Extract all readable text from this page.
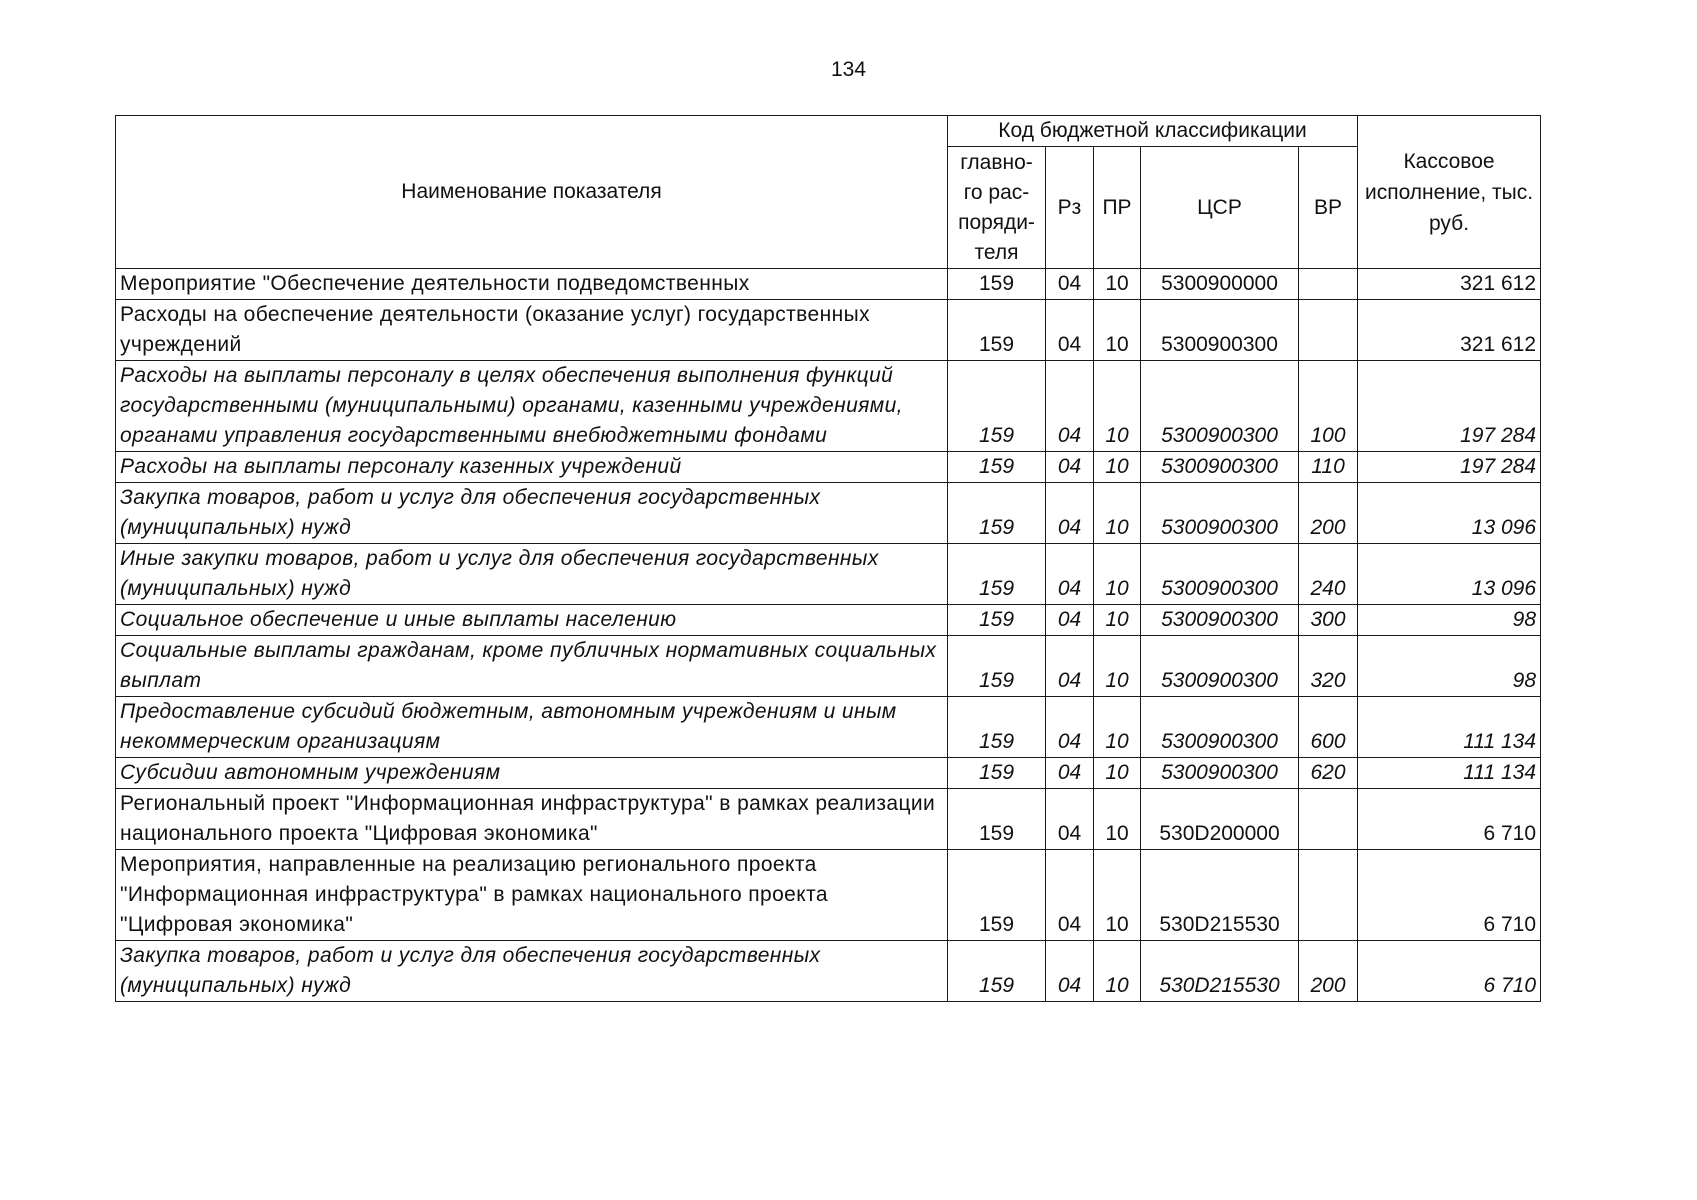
134
Наименование показателя	Код бюджетной классификации					Кассовое исполнение, тыс. руб.
	главно-го рас-поряди-теля	Рз	ПР	ЦСР	ВР	
Мероприятие "Обеспечение деятельности подведомственных	159	04	10	5300900000		321 612
Расходы на обеспечение деятельности (оказание услуг) государственных учреждений	159	04	10	5300900300		321 612
Расходы на выплаты персоналу в целях обеспечения выполнения функций государственными (муниципальными) органами, казенными учреждениями, органами управления государственными внебюджетными фондами	159	04	10	5300900300	100	197 284
Расходы на выплаты персоналу казенных учреждений	159	04	10	5300900300	110	197 284
Закупка товаров, работ и услуг для обеспечения государственных (муниципальных) нужд	159	04	10	5300900300	200	13 096
Иные закупки товаров, работ и услуг для обеспечения государственных (муниципальных) нужд	159	04	10	5300900300	240	13 096
Социальное обеспечение и иные выплаты населению	159	04	10	5300900300	300	98
Социальные выплаты гражданам, кроме публичных нормативных социальных выплат	159	04	10	5300900300	320	98
Предоставление субсидий бюджетным, автономным учреждениям и иным некоммерческим организациям	159	04	10	5300900300	600	111 134
Субсидии автономным учреждениям	159	04	10	5300900300	620	111 134
Региональный проект "Информационная инфраструктура" в рамках реализации национального проекта "Цифровая экономика"	159	04	10	530D200000		6 710
Мероприятия, направленные на реализацию регионального проекта "Информационная инфраструктура" в рамках национального проекта "Цифровая экономика"	159	04	10	530D215530		6 710
Закупка товаров, работ и услуг для обеспечения государственных (муниципальных) нужд	159	04	10	530D215530	200	6 710
